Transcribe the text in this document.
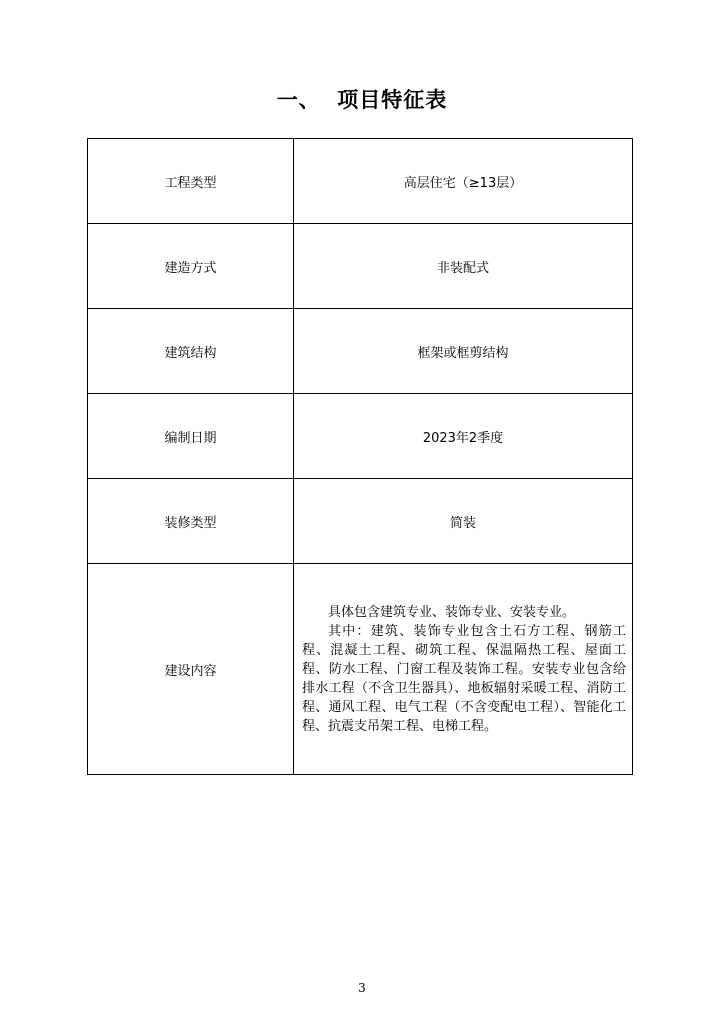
一、  项目特征表
工程类型	高层住宅（≥13层）
建造方式	非装配式
建筑结构	框架或框剪结构
编制日期	2023年2季度
装修类型	简装
建设内容	具体包含建筑专业、装饰专业、安装专业。

其中：建筑、装饰专业包含土石方工程、钢筋工程、混凝土工程、砌筑工程、保温隔热工程、屋面工程、防水工程、门窗工程及装饰工程。安装专业包含给排水工程（不含卫生器具）、地板辐射采暖工程、消防工程、通风工程、电气工程（不含变配电工程）、智能化工程、抗震支吊架工程、电梯工程。

3
